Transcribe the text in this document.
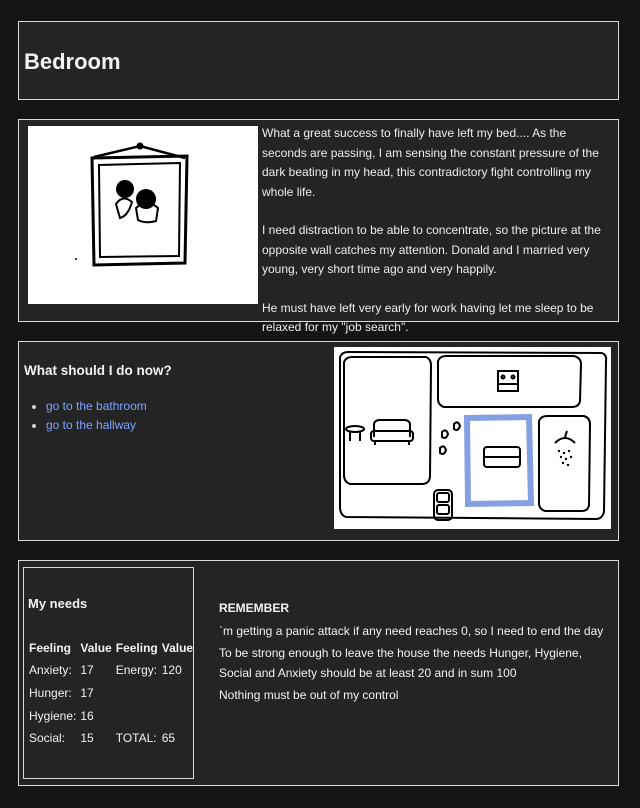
Bedroom

What a great success to finally have left my bed.... As the seconds are passing, I am sensing the constant pressure of the dark beating in my head, this contradictory fight controlling my whole life.

I need distraction to be able to concentrate, so the picture at the opposite wall catches my attention. Donald and I married very young, very short time ago and very happily.

He must have left very early for work having let me sleep to be relaxed for my "job search".

What should I do now?
• go to the bathroom
• go to the hallway
My needs
Feeling	Value	Feeling	Value
Anxiety:	17	Energy:	120
Hunger:	17		
Hygiene:	16		
Social:	15	TOTAL:	65
REMEMBER

`m getting a panic attack if any need reaches 0, so I need to end the day

To be strong enough to leave the house the needs Hunger, Hygiene, Social and Anxiety should be at least 20 and in sum 100

Nothing must be out of my control
